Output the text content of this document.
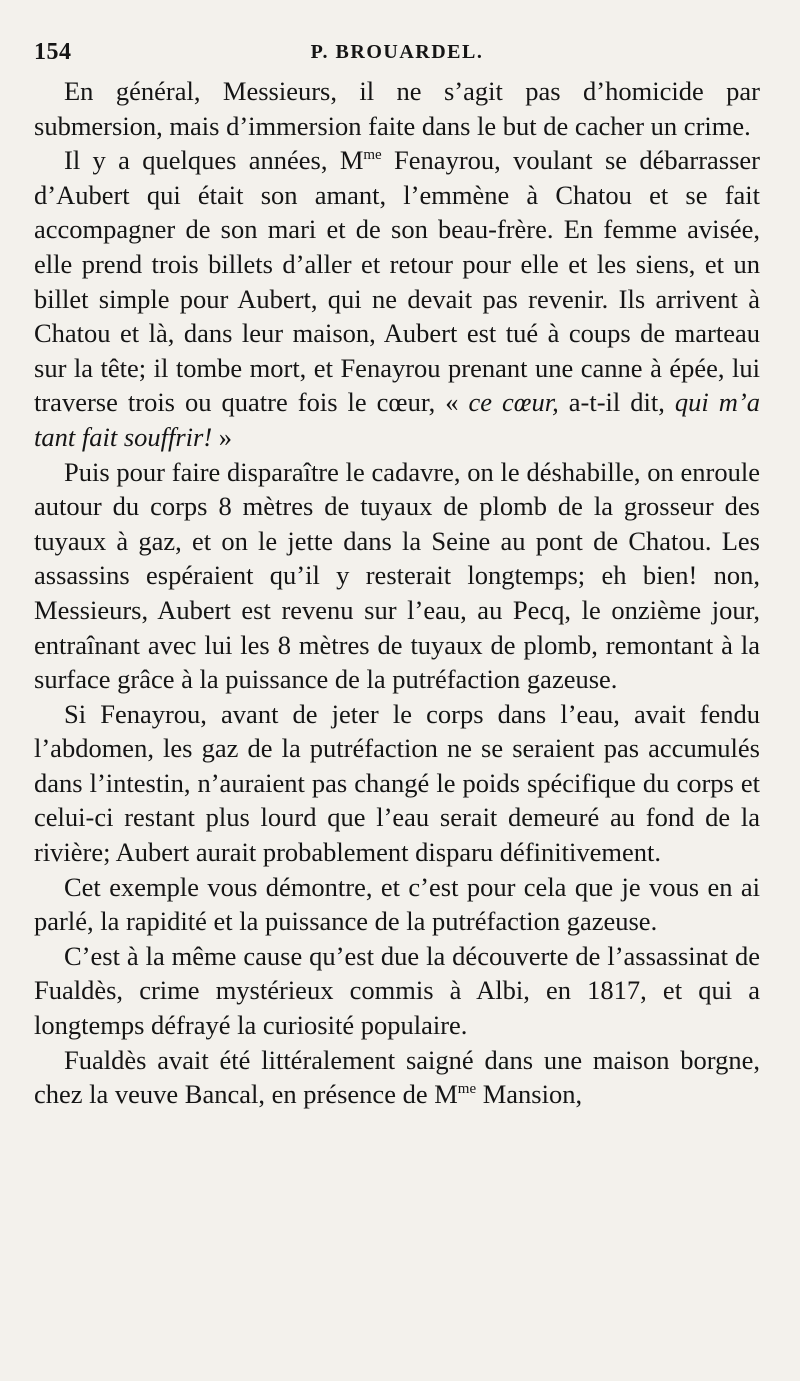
154	P. BROUARDEL.

En général, Messieurs, il ne s’agit pas d’homicide par submersion, mais d’immersion faite dans le but de cacher un crime.

Il y a quelques années, $M^{me}$ Fenayrou, voulant se débarrasser d’Aubert qui était son amant, l’emmène à Chatou et se fait accompagner de son mari et de son beau-frère. En femme avisée, elle prend trois billets d’aller et retour pour elle et les siens, et un billet simple pour Aubert, qui ne devait pas revenir. Ils arrivent à Chatou et là, dans leur maison, Aubert est tué à coups de marteau sur la tête; il tombe mort, et Fenayrou prenant une canne à épée, lui traverse trois ou quatre fois le cœur, « ce cœur, a-t-il dit, qui m’a tant fait souffrir! »

Puis pour faire disparaître le cadavre, on le déshabille, on enroule autour du corps 8 mètres de tuyaux de plomb de la grosseur des tuyaux à gaz, et on le jette dans la Seine au pont de Chatou. Les assassins espéraient qu’il y resterait longtemps; eh bien! non, Messieurs, Aubert est revenu sur l’eau, au Pecq, le onzième jour, entraînant avec lui les 8 mètres de tuyaux de plomb, remontant à la surface grâce à la puissance de la putréfaction gazeuse.

Si Fenayrou, avant de jeter le corps dans l’eau, avait fendu l’abdomen, les gaz de la putréfaction ne se seraient pas accumulés dans l’intestin, n’auraient pas changé le poids spécifique du corps et celui-ci restant plus lourd que l’eau serait demeuré au fond de la rivière; Aubert aurait probablement disparu définitivement.

Cet exemple vous démontre, et c’est pour cela que je vous en ai parlé, la rapidité et la puissance de la putréfaction gazeuse.

C’est à la même cause qu’est due la découverte de l’assassinat de Fualdès, crime mystérieux commis à Albi, en 1817, et qui a longtemps défrayé la curiosité populaire.

Fualdès avait été littéralement saigné dans une maison borgne, chez la veuve Bancal, en présence de $M^{me}$ Mansion,
